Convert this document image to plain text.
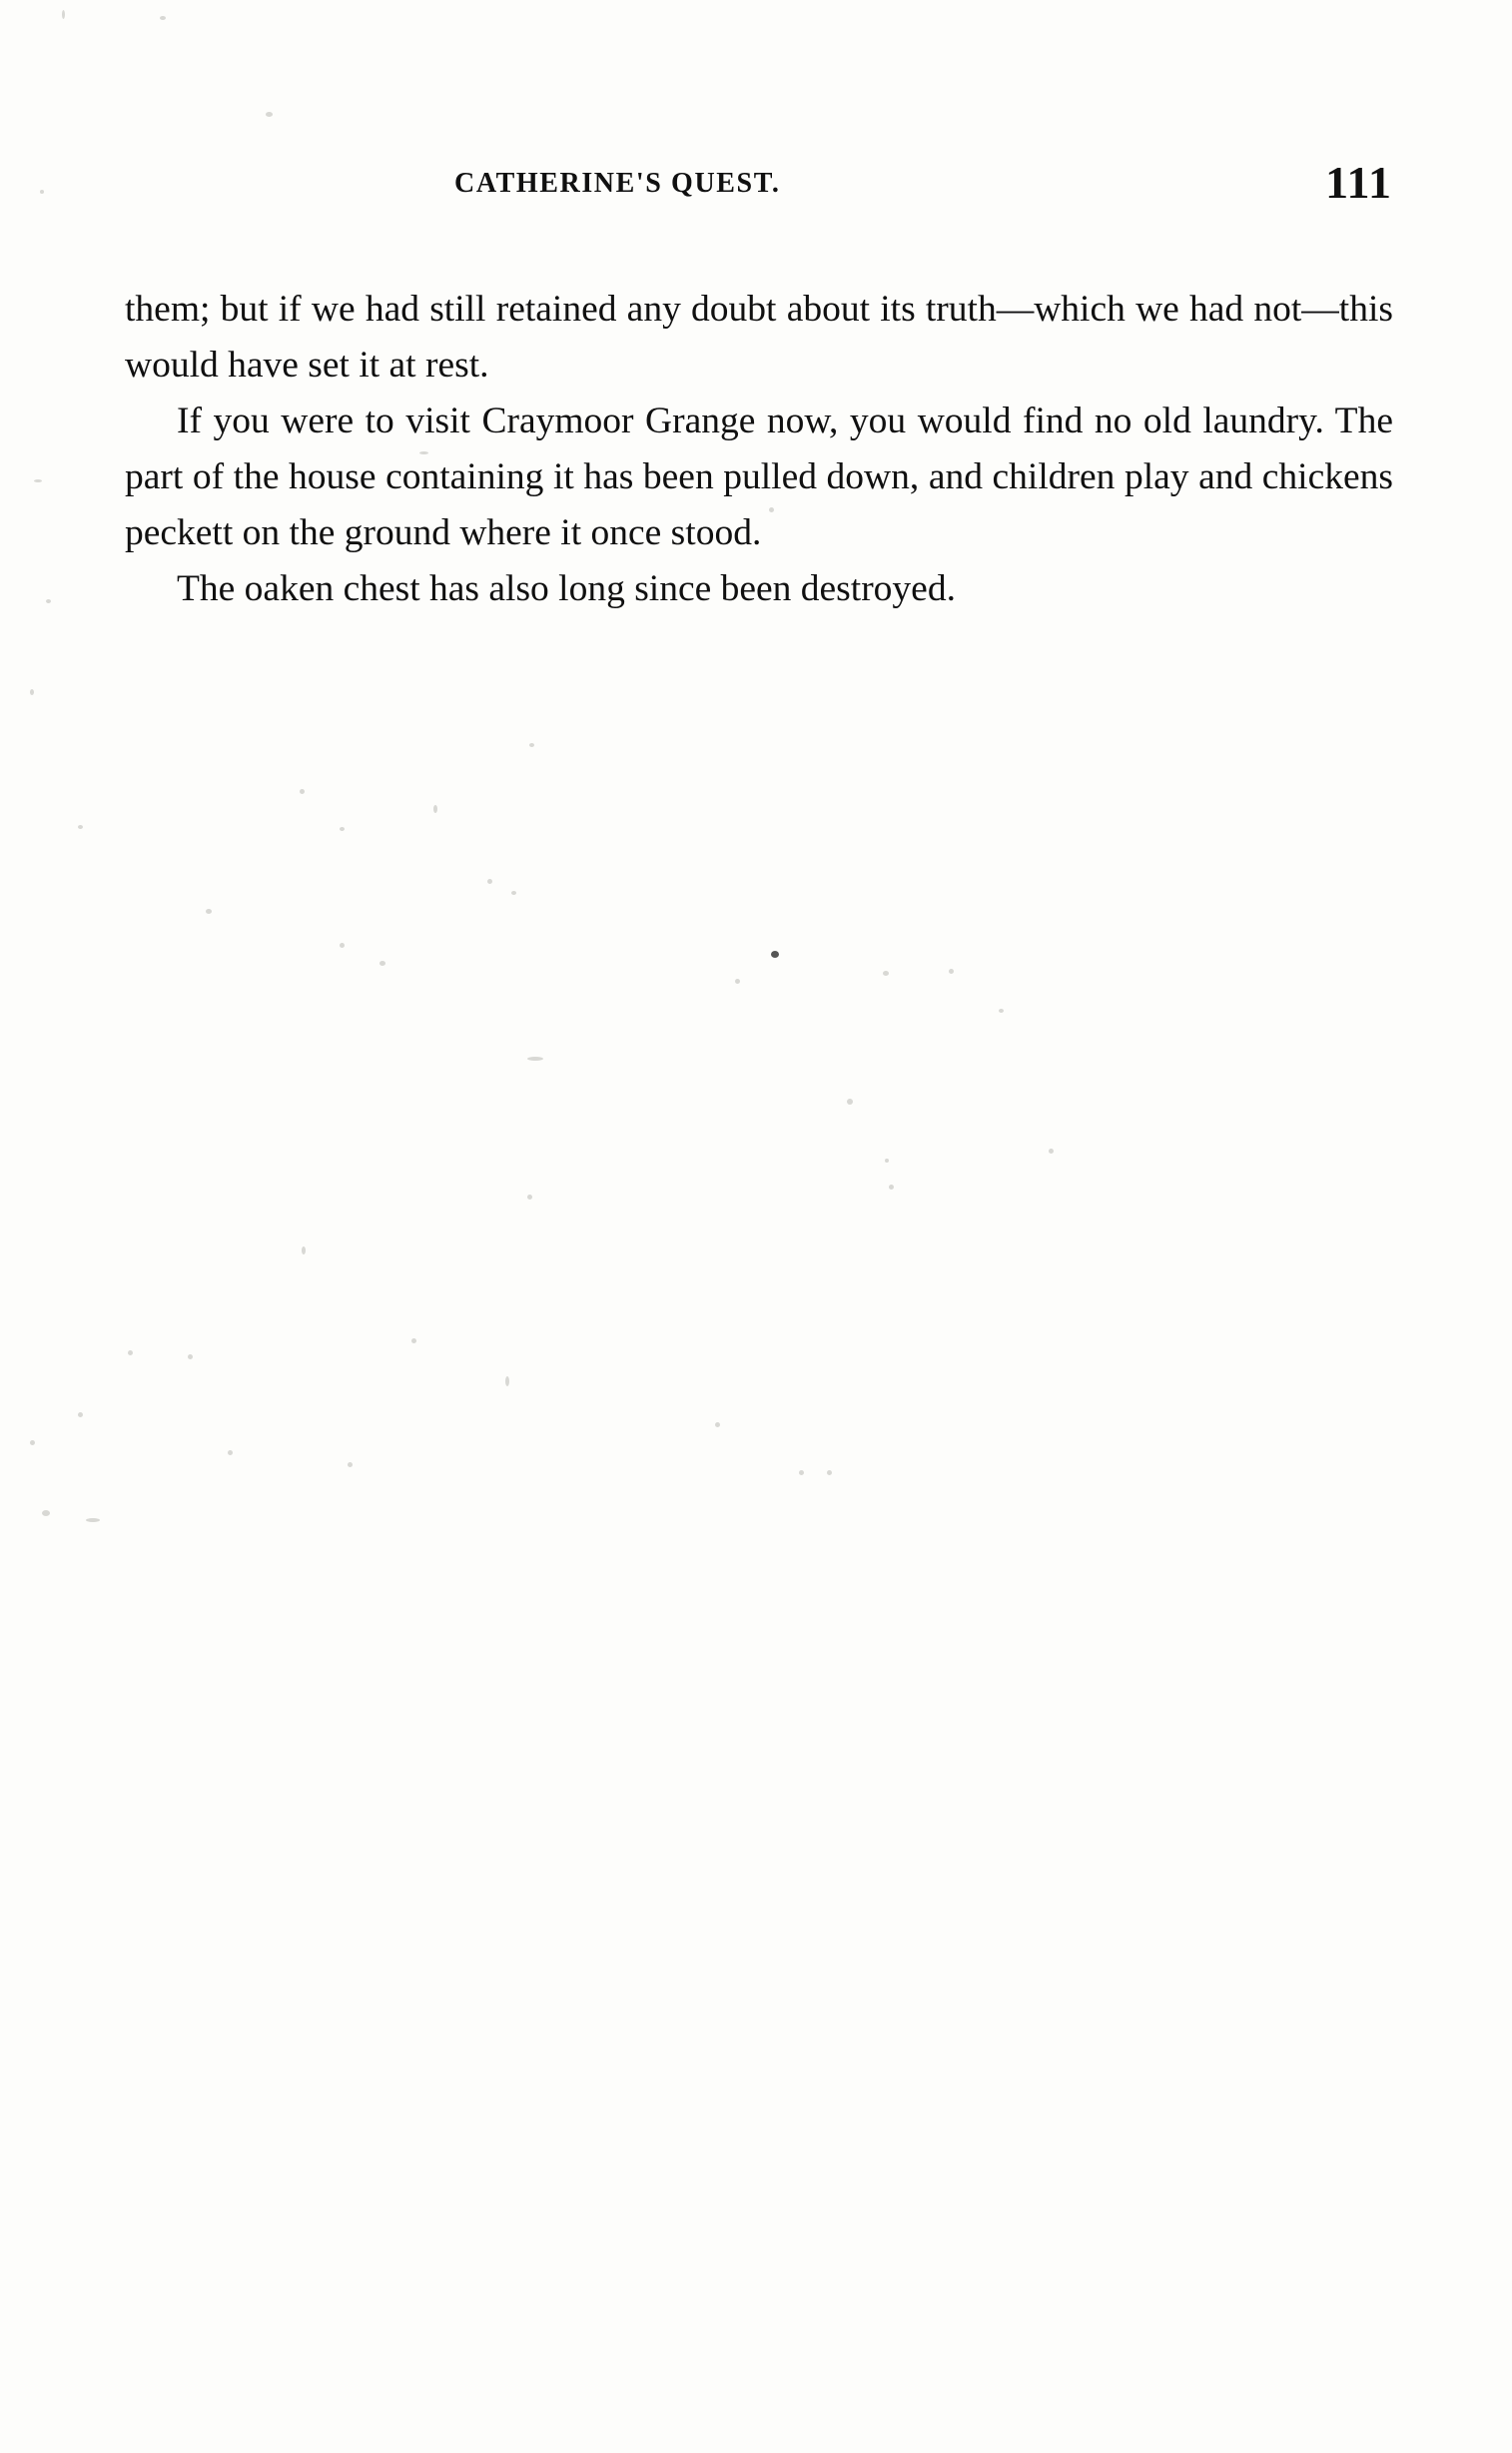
CATHERINE'S QUEST.	111

them; but if we had still retained any doubt about its truth—which we had not—this would have set it at rest.

If you were to visit Craymoor Grange now, you would find no old laundry. The part of the house containing it has been pulled down, and children play and chickens peckett on the ground where it once stood.

The oaken chest has also long since been destroyed.
